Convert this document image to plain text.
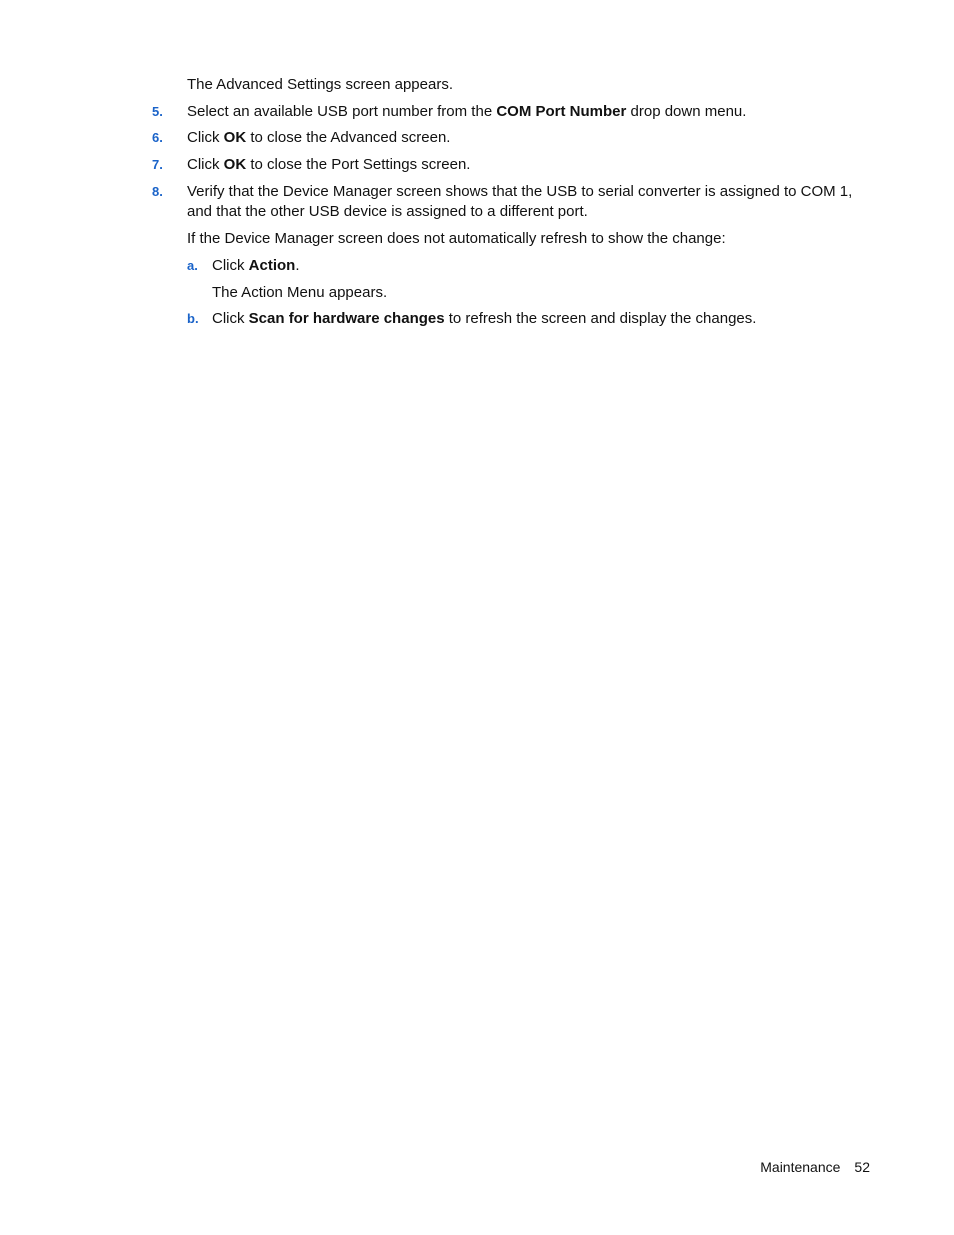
The Advanced Settings screen appears.
5. Select an available USB port number from the COM Port Number drop down menu.
6. Click OK to close the Advanced screen.
7. Click OK to close the Port Settings screen.
8. Verify that the Device Manager screen shows that the USB to serial converter is assigned to COM 1,
and that the other USB device is assigned to a different port.
If the Device Manager screen does not automatically refresh to show the change:
a. Click Action.
The Action Menu appears.
b. Click Scan for hardware changes to refresh the screen and display the changes.
Maintenance 52
